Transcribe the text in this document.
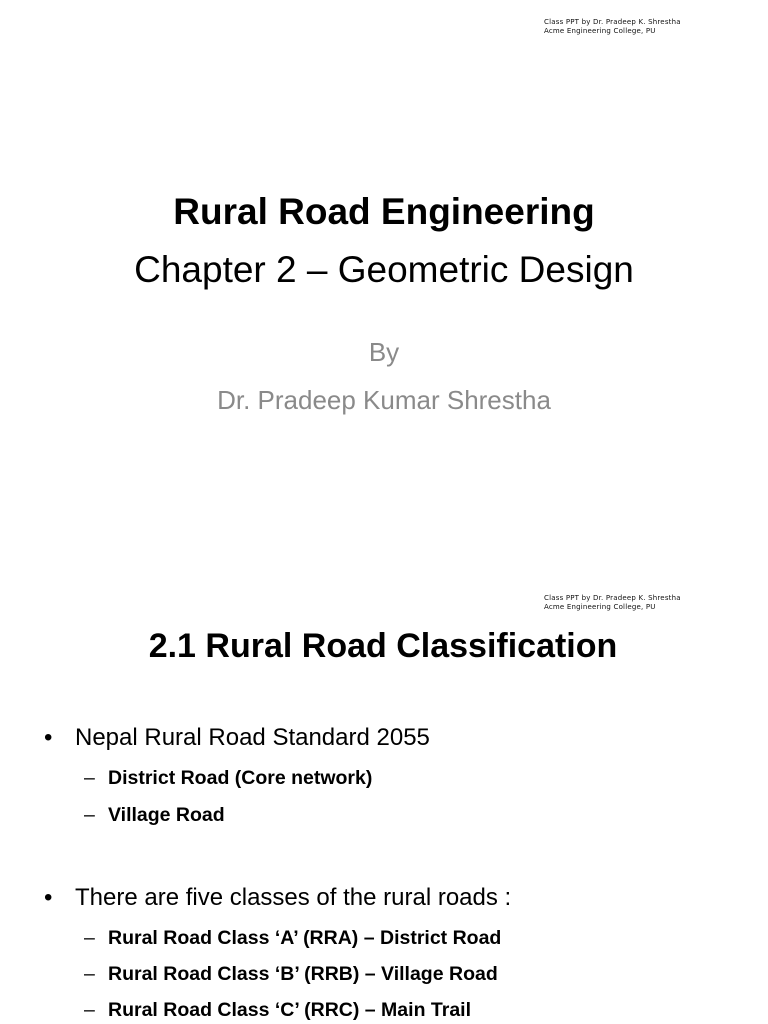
Class PPT by Dr. Pradeep K. Shrestha
Acme Engineering College, PU
Rural Road Engineering
Chapter 2 – Geometric Design
By
Dr. Pradeep Kumar Shrestha
Class PPT by Dr. Pradeep K. Shrestha
Acme Engineering College, PU
2.1 Rural Road Classification
• Nepal Rural Road Standard 2055
– District Road (Core network)
– Village Road
• There are five classes of the rural roads :
– Rural Road Class ‘A’ (RRA) – District Road
– Rural Road Class ‘B’ (RRB) – Village Road
– Rural Road Class ‘C’ (RRC) – Main Trail
